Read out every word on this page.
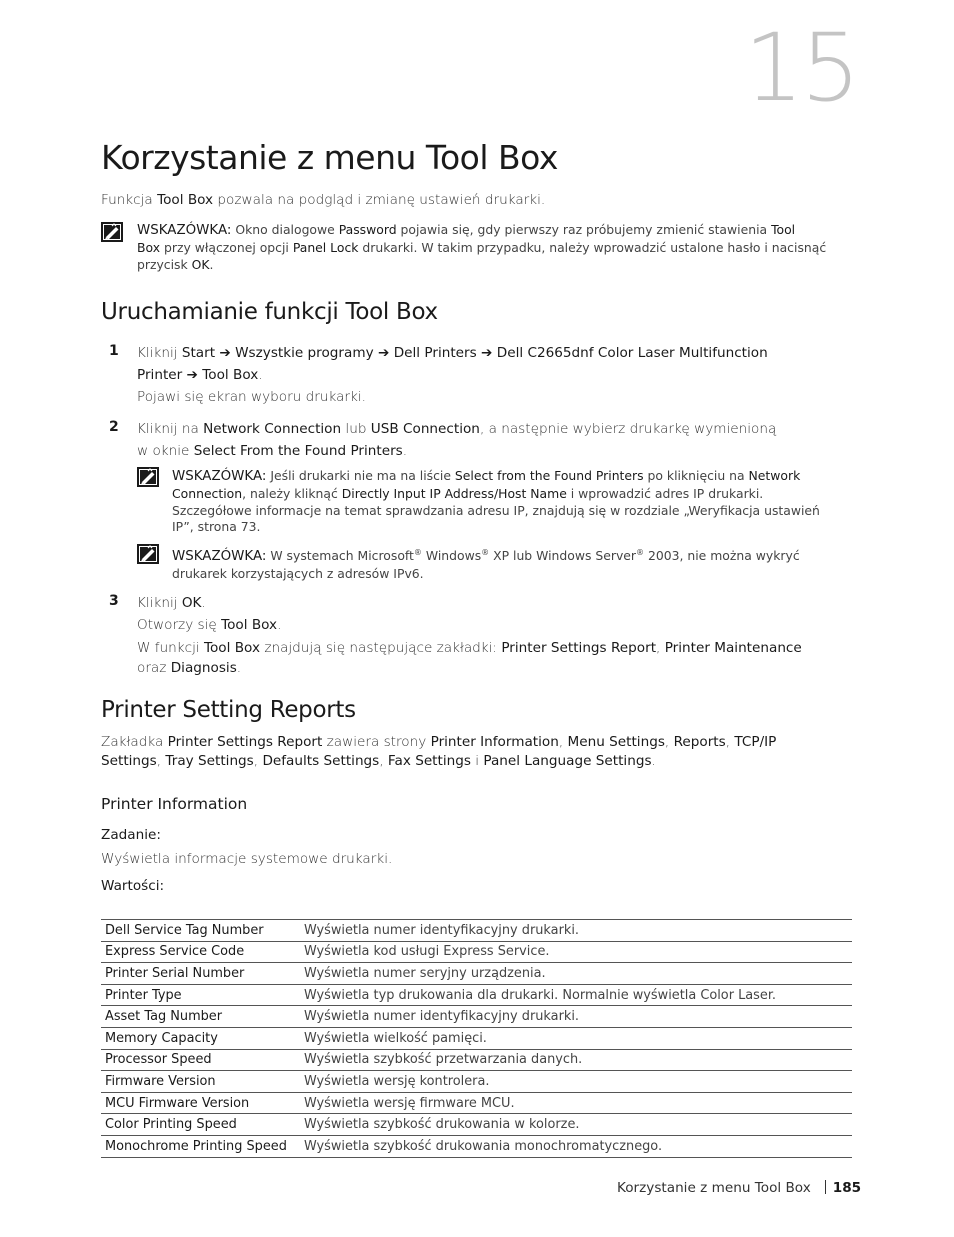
15
Korzystanie z menu Tool Box
Funkcja Tool Box pozwala na podgląd i zmianę ustawień drukarki.
WSKAZÓWKA: Okno dialogowe Password pojawia się, gdy pierwszy raz próbujemy zmienić stawienia Tool
Box przy włączonej opcji Panel Lock drukarki. W takim przypadku, należy wprowadzić ustalone hasło i nacisnąć
przycisk OK.
Uruchamianie funkcji Tool Box
1 Kliknij Start ➔ Wszystkie programy ➔ Dell Printers ➔ Dell C2665dnf Color Laser Multifunction
Printer ➔ Tool Box.
Pojawi się ekran wyboru drukarki.
2 Kliknij na Network Connection lub USB Connection, a następnie wybierz drukarkę wymienioną
w oknie Select From the Found Printers.
WSKAZÓWKA: Jeśli drukarki nie ma na liście Select from the Found Printers po kliknięciu na Network
Connection, należy kliknąć Directly Input IP Address/Host Name i wprowadzić adres IP drukarki.
Szczegółowe informacje na temat sprawdzania adresu IP, znajdują się w rozdziale „Weryfikacja ustawień
IP”, strona 73.
WSKAZÓWKA: W systemach Microsoft® Windows® XP lub Windows Server® 2003, nie można wykryć
drukarek korzystających z adresów IPv6.
3 Kliknij OK.
Otworzy się Tool Box.
W funkcji Tool Box znajdują się następujące zakładki: Printer Settings Report, Printer Maintenance
oraz Diagnosis.
Printer Setting Reports
Zakładka Printer Settings Report zawiera strony Printer Information, Menu Settings, Reports, TCP/IP
Settings, Tray Settings, Defaults Settings, Fax Settings i Panel Language Settings.
Printer Information
Zadanie:
Wyświetla informacje systemowe drukarki.
Wartości:
Dell Service Tag Number	Wyświetla numer identyfikacyjny drukarki.
Express Service Code	Wyświetla kod usługi Express Service.
Printer Serial Number	Wyświetla numer seryjny urządzenia.
Printer Type	Wyświetla typ drukowania dla drukarki. Normalnie wyświetla Color Laser.
Asset Tag Number	Wyświetla numer identyfikacyjny drukarki.
Memory Capacity	Wyświetla wielkość pamięci.
Processor Speed	Wyświetla szybkość przetwarzania danych.
Firmware Version	Wyświetla wersję kontrolera.
MCU Firmware Version	Wyświetla wersję firmware MCU.
Color Printing Speed	Wyświetla szybkość drukowania w kolorze.
Monochrome Printing Speed	Wyświetla szybkość drukowania monochromatycznego.
Korzystanie z menu Tool Box 185
